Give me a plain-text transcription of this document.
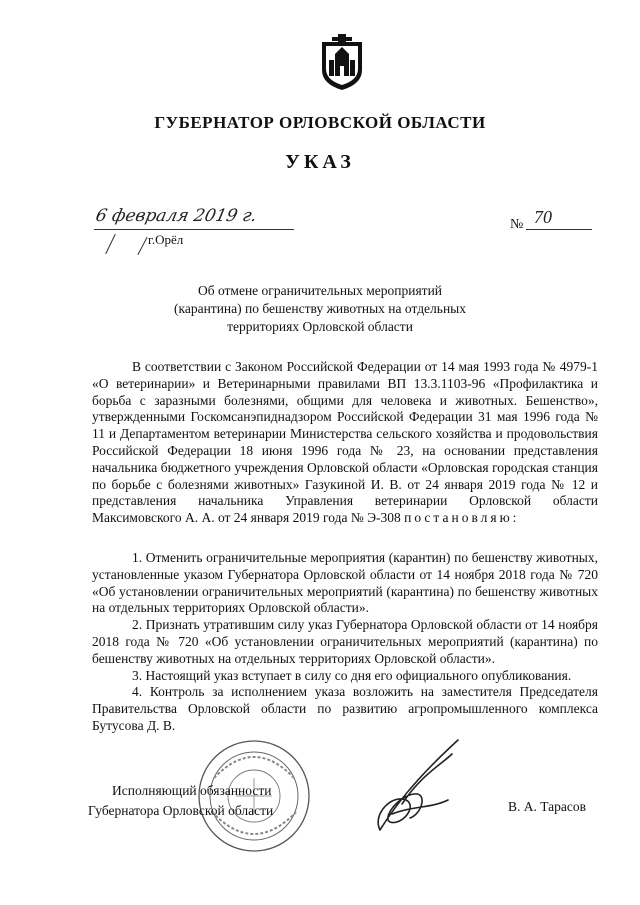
ГУБЕРНАТОР ОРЛОВСКОЙ ОБЛАСТИ
УКАЗ
6 февраля 2019 г.	№ 70
г.Орёл
Об отмене ограничительных мероприятий
(карантина) по бешенству животных на отдельных
территориях Орловской области
В соответствии с Законом Российской Федерации от 14 мая 1993 года № 4979-1 «О ветеринарии» и Ветеринарными правилами ВП 13.3.1103-96 «Профилактика и борьба с заразными болезнями, общими для человека и животных. Бешенство», утвержденными Госкомсанэпиднадзором Российской Федерации 31 мая 1996 года № 11 и Департаментом ветеринарии Министерства сельского хозяйства и продовольствия Российской Федерации 18 июня 1996 года № 23, на основании представления начальника бюджетного учреждения Орловской области «Орловская городская станция по борьбе с болезнями животных» Газукиной И. В. от 24 января 2019 года № 12 и представления начальника Управления ветеринарии Орловской области Максимовского А. А. от 24 января 2019 года № Э-308 постановляю:

1. Отменить ограничительные мероприятия (карантин) по бешенству животных, установленные указом Губернатора Орловской области от 14 ноября 2018 года № 720 «Об установлении ограничительных мероприятий (карантина) по бешенству животных на отдельных территориях Орловской области».

2. Признать утратившим силу указ Губернатора Орловской области от 14 ноября 2018 года № 720 «Об установлении ограничительных мероприятий (карантина) по бешенству животных на отдельных территориях Орловской области».

3. Настоящий указ вступает в силу со дня его официального опубликования.

4. Контроль за исполнением указа возложить на заместителя Председателя Правительства Орловской области по развитию агропромышленного комплекса Бутусова Д. В.

Исполняющий обязанности
Губернатора Орловской области	В. А. Тарасов
